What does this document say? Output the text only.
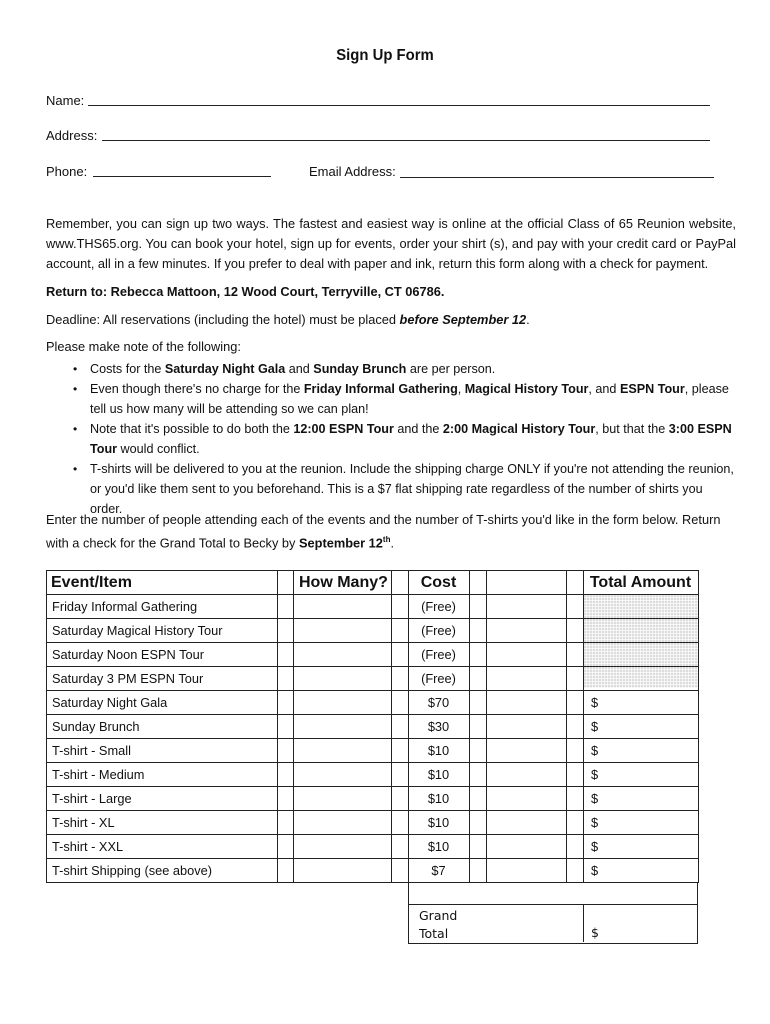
Sign Up Form
Name:
Address:
Phone:	Email Address:
Remember, you can sign up two ways. The fastest and easiest way is online at the official Class of 65 Reunion website, www.THS65.org. You can book your hotel, sign up for events, order your shirt (s), and pay with your credit card or PayPal account, all in a few minutes. If you prefer to deal with paper and ink, return this form along with a check for payment.
Return to: Rebecca Mattoon, 12 Wood Court, Terryville, CT 06786.
Deadline: All reservations (including the hotel) must be placed before September 12.
Please make note of the following:
• Costs for the Saturday Night Gala and Sunday Brunch are per person.
• Even though there's no charge for the Friday Informal Gathering, Magical History Tour, and ESPN Tour, please tell us how many will be attending so we can plan!
• Note that it's possible to do both the 12:00 ESPN Tour and the 2:00 Magical History Tour, but that the 3:00 ESPN Tour would conflict.
• T-shirts will be delivered to you at the reunion. Include the shipping charge ONLY if you're not attending the reunion, or you'd like them sent to you beforehand. This is a $7 flat shipping rate regardless of the number of shirts you order.
Enter the number of people attending each of the events and the number of T-shirts you'd like in the form below. Return with a check for the Grand Total to Becky by September 12th.
Event/Item	How Many?	Cost	Total Amount
Friday Informal Gathering	(Free)
Saturday Magical History Tour	(Free)
Saturday Noon ESPN Tour	(Free)
Saturday 3 PM ESPN Tour	(Free)
Saturday Night Gala	$70	$
Sunday Brunch	$30	$
T-shirt - Small	$10	$
T-shirt - Medium	$10	$
T-shirt - Large	$10	$
T-shirt - XL	$10	$
T-shirt - XXL	$10	$
T-shirt Shipping (see above)	$7	$
Grand
Total	$
